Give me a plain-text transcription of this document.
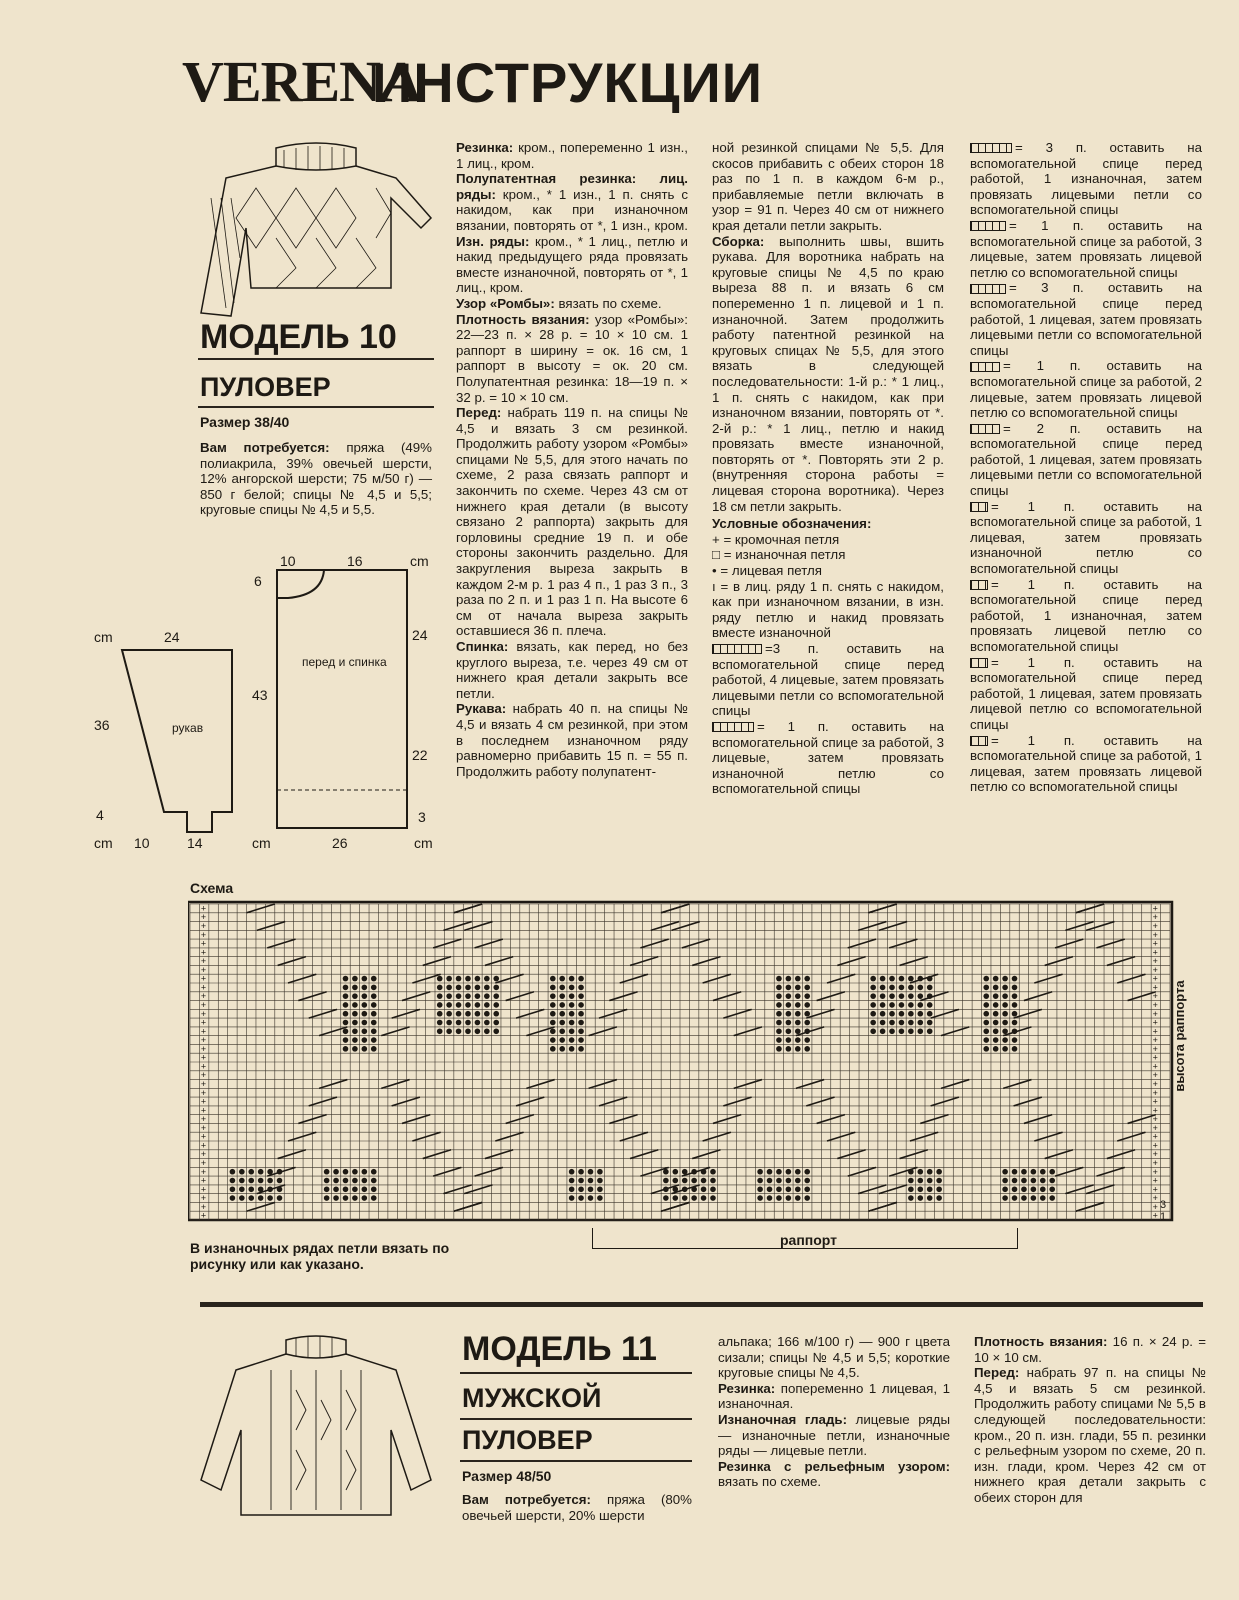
VERENA
ИНСТРУКЦИИ
МОДЕЛЬ 10
ПУЛОВЕР
Размер 38/40
Вам потребуется: пряжа (49% полиакрила, 39% овечьей шерсти, 12% ангорской шерсти; 75 м/50 г) — 850 г белой; спицы № 4,5 и 5,5; круговые спицы № 4,5 и 5,5.

Резинка: кром., попеременно 1 изн., 1 лиц., кром.

Полупатентная резинка: лиц. ряды: кром., * 1 изн., 1 п. снять с накидом, как при изнаночном вязании, повторять от *, 1 изн., кром. Изн. ряды: кром., * 1 лиц., петлю и накид предыдущего ряда провязать вместе изнаночной, повторять от *, 1 лиц., кром.

Узор «Ромбы»: вязать по схеме.

Плотность вязания: узор «Ромбы»: 22—23 п. × 28 р. = 10 × 10 см. 1 раппорт в ширину = ок. 16 см, 1 раппорт в высоту = ок. 20 см. Полупатентная резинка: 18—19 п. × 32 р. = 10 × 10 см.

Перед: набрать 119 п. на спицы № 4,5 и вязать 3 см резинкой. Продолжить работу узором «Ромбы» спицами № 5,5, для этого начать по схеме, 2 раза связать раппорт и закончить по схеме. Через 43 см от нижнего края детали (в высоту связано 2 раппорта) закрыть для горловины средние 19 п. и обе стороны закончить раздельно. Для закругления выреза закрыть в каждом 2-м р. 1 раз 4 п., 1 раз 3 п., 3 раза по 2 п. и 1 раз 1 п. На высоте 6 см от начала выреза закрыть оставшиеся 36 п. плеча.

Спинка: вязать, как перед, но без круглого выреза, т.е. через 49 см от нижнего края детали закрыть все петли.

Рукава: набрать 40 п. на спицы № 4,5 и вязать 4 см резинкой, при этом в последнем изнаночном ряду равномерно прибавить 15 п. = 55 п. Продолжить работу полупатент-

ной резинкой спицами № 5,5. Для скосов прибавить с обеих сторон 18 раз по 1 п. в каждом 6-м р., прибавляемые петли включать в узор = 91 п. Через 40 см от нижнего края детали петли закрыть.

Сборка: выполнить швы, вшить рукава. Для воротника набрать на круговые спицы № 4,5 по краю выреза 88 п. и вязать 6 см попеременно 1 п. лицевой и 1 п. изнаночной. Затем продолжить работу патентной резинкой на круговых спицах № 5,5, для этого вязать в следующей последовательности: 1-й р.: * 1 лиц., 1 п. снять с накидом, как при изнаночном вязании, повторять от *. 2-й р.: * 1 лиц., петлю и накид провязать вместе изнаночной, повторять от *. Повторять эти 2 р. (внутренняя сторона работы = лицевая сторона воротника). Через 18 см петли закрыть.

Условные обозначения:

+ = кромочная петля

□ = изнаночная петля

• = лицевая петля

ı = в лиц. ряду 1 п. снять с накидом, как при изнаночном вязании, в изн. ряду петлю и накид провязать вместе изнаночной

=3 п. оставить на вспомогательной спице перед работой, 4 лицевые, затем провязать лицевыми петли со вспомогательной спицы

= 1 п. оставить на вспомогательной спице за работой, 3 лицевые, затем провязать изнаночной петлю со вспомогательной спицы

= 3 п. оставить на вспомогательной спице перед работой, 1 изнаночная, затем провязать лицевыми петли со вспомогательной спицы

= 1 п. оставить на вспомогательной спице за работой, 3 лицевые, затем провязать лицевой петлю со вспомогательной спицы

= 3 п. оставить на вспомогательной спице перед работой, 1 лицевая, затем провязать лицевыми петли со вспомогательной спицы

= 1 п. оставить на вспомогательной спице за работой, 2 лицевые, затем провязать лицевой петлю со вспомогательной спицы

= 2 п. оставить на вспомогательной спице перед работой, 1 лицевая, затем провязать лицевыми петли со вспомогательной спицы

= 1 п. оставить на вспомогательной спице за работой, 1 лицевая, затем провязать изнаночной петлю со вспомогательной спицы

= 1 п. оставить на вспомогательной спице перед работой, 1 изнаночная, затем провязать лицевой петлю со вспомогательной спицы

= 1 п. оставить на вспомогательной спице перед работой, 1 лицевая, затем провязать лицевой петлю со вспомогательной спицы

= 1 п. оставить на вспомогательной спице за работой, 1 лицевая, затем провязать лицевой петлю со вспомогательной спицы

10	16	cm
cm	24
36
4
cm 10	14
рукав
перед и спинка
6
43
24
22
3
cm	26	cm
Схема
+
+
+
+
+
+
+
+
+
+
+
+
+
+
+
+
+
+
+
+
+
+
+
+
+
+
+
+
+
+
+
+
+
+
+
+
+
+
+
+
+
+
+
+
+
+
+
+
+
+
+
+
+
+
+
+
+
+
+
+
+
+
+
+
+
+
+
+
+
+
+
+
3
1
высота раппорта
раппорт
В изнаночных рядах петли вязать по рисунку или как указано.
МОДЕЛЬ 11
МУЖСКОЙ
ПУЛОВЕР
Размер 48/50
Вам потребуется: пряжа (80% овечьей шерсти, 20% шерсти

альпака; 166 м/100 г) — 900 г цвета сизали; спицы № 4,5 и 5,5; короткие круговые спицы № 4,5.

Резинка: попеременно 1 лицевая, 1 изнаночная.

Изнаночная гладь: лицевые ряды — изнаночные петли, изнаночные ряды — лицевые петли.

Резинка с рельефным узором: вязать по схеме.

Плотность вязания: 16 п. × 24 р. = 10 × 10 см.

Перед: набрать 97 п. на спицы № 4,5 и вязать 5 см резинкой. Продолжить работу спицами № 5,5 в следующей последовательности: кром., 20 п. изн. глади, 55 п. резинки с рельефным узором по схеме, 20 п. изн. глади, кром. Через 42 см от нижнего края детали закрыть с обеих сторон для
